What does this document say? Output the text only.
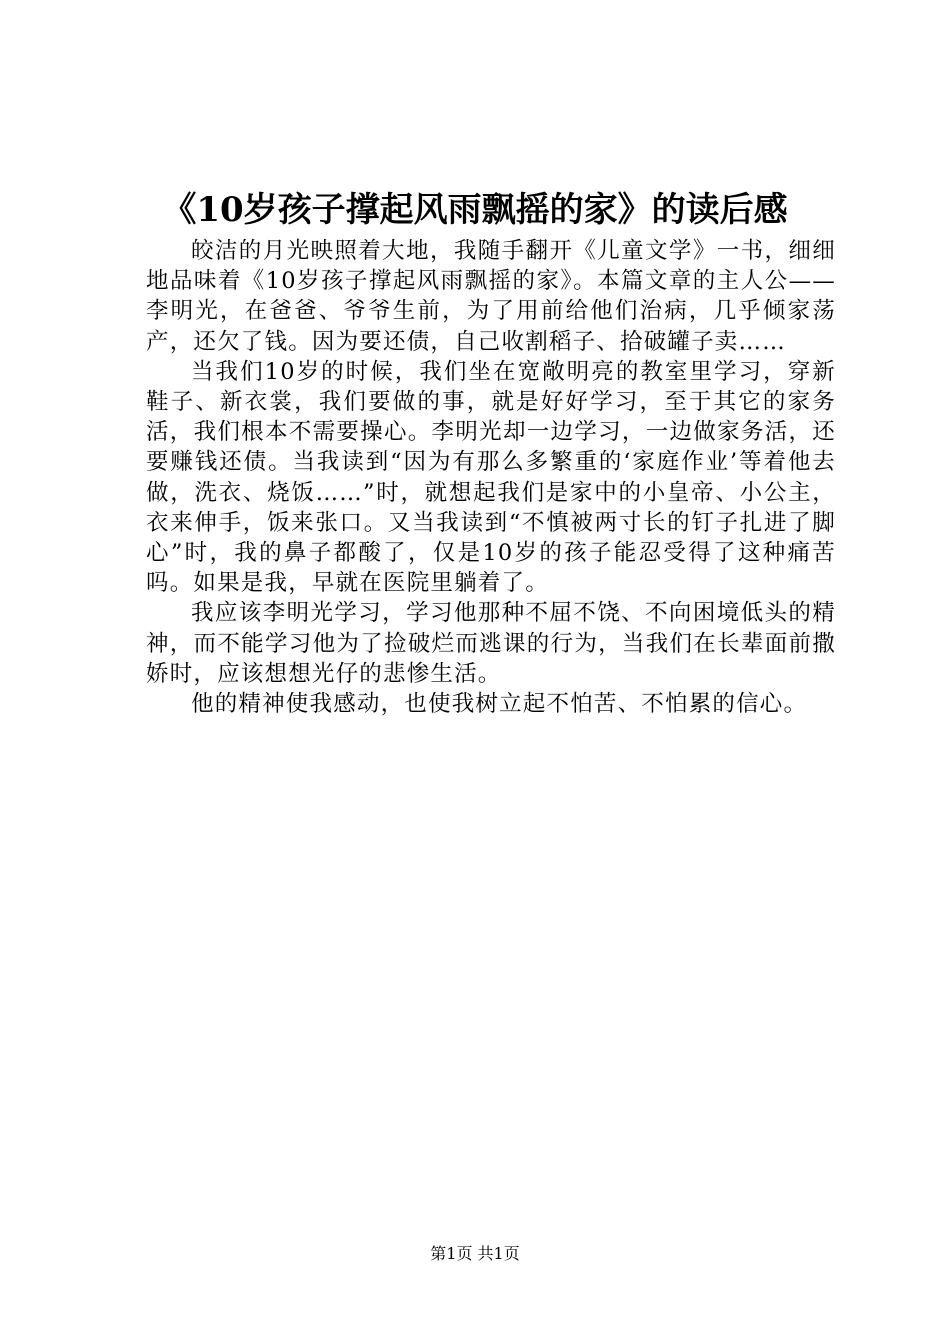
《10岁孩子撑起风雨飘摇的家》的读后感

皎洁的月光映照着大地，我随手翻开《儿童文学》一书，细细地品味着《10岁孩子撑起风雨飘摇的家》。本篇文章的主人公——李明光，在爸爸、爷爷生前，为了用前给他们治病，几乎倾家荡产，还欠了钱。因为要还债，自己收割稻子、拾破罐子卖……

当我们10岁的时候，我们坐在宽敞明亮的教室里学习，穿新鞋子、新衣裳，我们要做的事，就是好好学习，至于其它的家务活，我们根本不需要操心。李明光却一边学习，一边做家务活，还要赚钱还债。当我读到“因为有那么多繁重的‘家庭作业’等着他去做，洗衣、烧饭……”时，就想起我们是家中的小皇帝、小公主，衣来伸手，饭来张口。又当我读到“不慎被两寸长的钉子扎进了脚心”时，我的鼻子都酸了，仅是10岁的孩子能忍受得了这种痛苦吗。如果是我，早就在医院里躺着了。

我应该李明光学习，学习他那种不屈不饶、不向困境低头的精神，而不能学习他为了捡破烂而逃课的行为，当我们在长辈面前撒娇时，应该想想光仔的悲惨生活。

他的精神使我感动，也使我树立起不怕苦、不怕累的信心。

第1页 共1页
